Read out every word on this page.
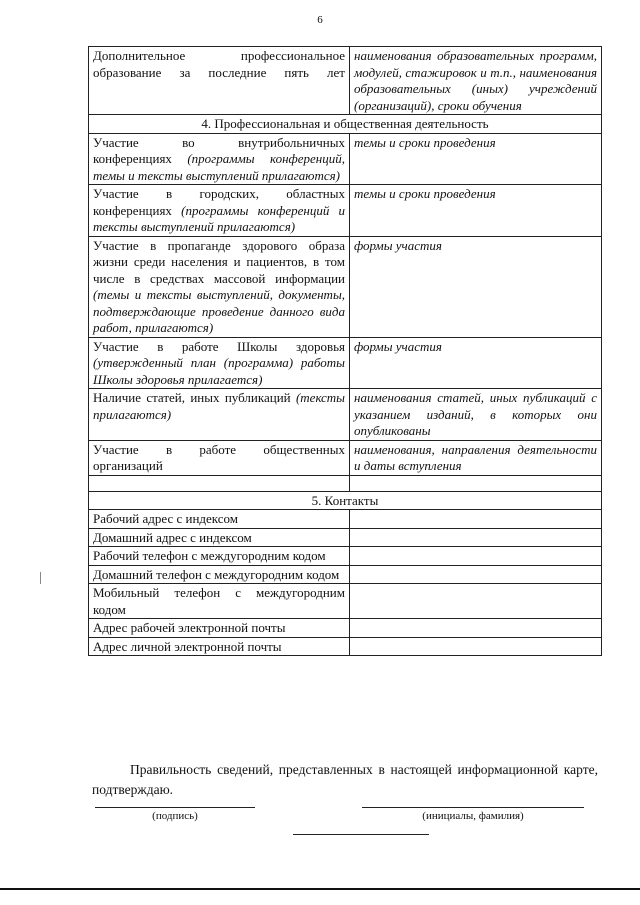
6
Дополнительное профессиональное образование за последние пять лет	наименования образовательных программ, модулей, стажировок и т.п., наименования образовательных (иных) учреждений (организаций), сроки обучения
4. Профессиональная и общественная деятельность	
Участие во внутрибольничных конференциях (программы конференций, темы и тексты выступлений прилагаются)	темы и сроки проведения
Участие в городских, областных конференциях (программы конференций и тексты выступлений прилагаются)	темы и сроки проведения
Участие в пропаганде здорового образа жизни среди населения и пациентов, в том числе в средствах массовой информации (темы и тексты выступлений, документы, подтверждающие проведение данного вида работ, прилагаются)	формы участия
Участие в работе Школы здоровья (утвержденный план (программа) работы Школы здоровья прилагается)	формы участия
Наличие статей, иных публикаций (тексты прилагаются)	наименования статей, иных публикаций с указанием изданий, в которых они опубликованы
Участие в работе общественных организаций	наименования, направления деятельности и даты вступления

5. Контакты	
Рабочий адрес с индексом	
Домашний адрес с индексом	
Рабочий телефон с междугородним кодом	
Домашний телефон с междугородним кодом	
Мобильный телефон с междугородним кодом	
Адрес рабочей электронной почты	
Адрес личной электронной почты	
Правильность сведений, представленных в настоящей информационной карте, подтверждаю.
(подпись)	(инициалы, фамилия)
